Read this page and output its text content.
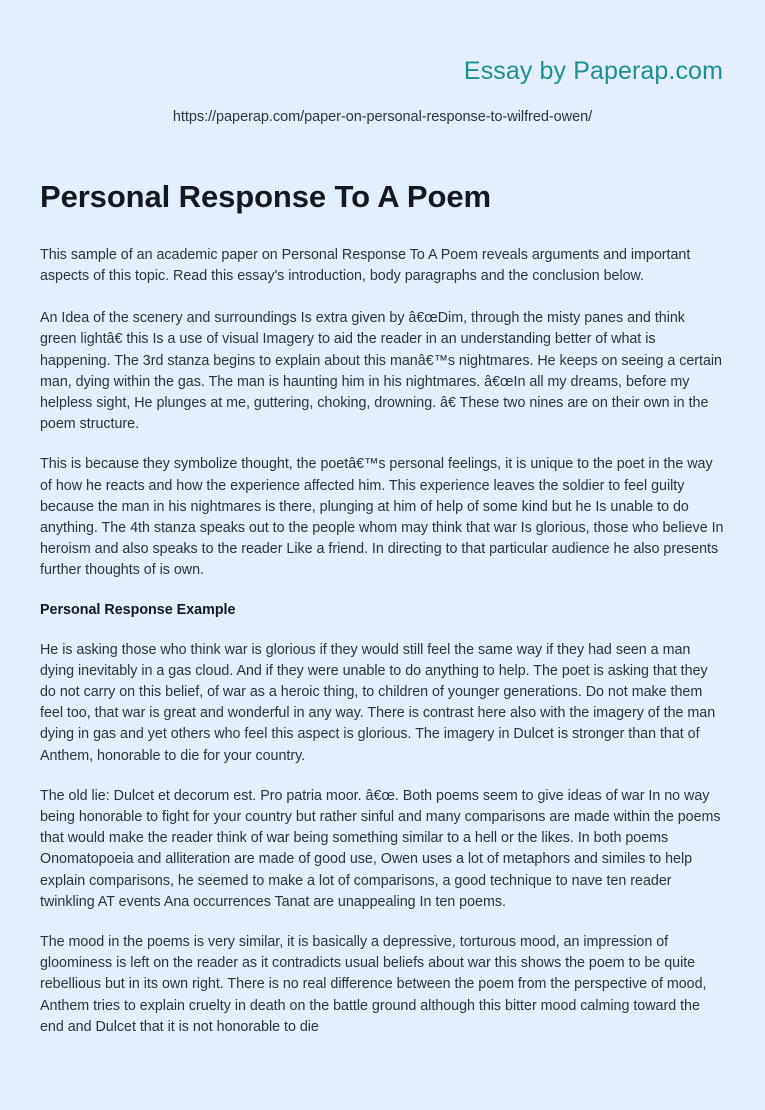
Essay by Paperap.com
https://paperap.com/paper-on-personal-response-to-wilfred-owen/
Personal Response To A Poem

This sample of an academic paper on Personal Response To A Poem reveals arguments and important aspects of this topic. Read this essay's introduction, body paragraphs and the conclusion below.

An Idea of the scenery and surroundings Is extra given by â€œDim, through the misty panes and think green lightâ€ this Is a use of visual Imagery to aid the reader in an understanding better of what is happening. The 3rd stanza begins to explain about this manâ€™s nightmares. He keeps on seeing a certain man, dying within the gas. The man is haunting him in his nightmares. â€œIn all my dreams, before my helpless sight, He plunges at me, guttering, choking, drowning. â€ These two nines are on their own in the poem structure.

This is because they symbolize thought, the poetâ€™s personal feelings, it is unique to the poet in the way of how he reacts and how the experience affected him. This experience leaves the soldier to feel guilty because the man in his nightmares is there, plunging at him of help of some kind but he Is unable to do anything. The 4th stanza speaks out to the people whom may think that war Is glorious, those who believe In heroism and also speaks to the reader Like a friend. In directing to that particular audience he also presents further thoughts of is own.

Personal Response Example

He is asking those who think war is glorious if they would still feel the same way if they had seen a man dying inevitably in a gas cloud. And if they were unable to do anything to help. The poet is asking that they do not carry on this belief, of war as a heroic thing, to children of younger generations. Do not make them feel too, that war is great and wonderful in any way. There is contrast here also with the imagery of the man dying in gas and yet others who feel this aspect is glorious. The imagery in Dulcet is stronger than that of Anthem, honorable to die for your country.

The old lie: Dulcet et decorum est. Pro patria moor. â€œ. Both poems seem to give ideas of war In no way being honorable to fight for your country but rather sinful and many comparisons are made within the poems that would make the reader think of war being something similar to a hell or the likes. In both poems Onomatopoeia and alliteration are made of good use, Owen uses a lot of metaphors and similes to help explain comparisons, he seemed to make a lot of comparisons, a good technique to nave ten reader twinkling AT events Ana occurrences Tanat are unappealing In ten poems.

The mood in the poems is very similar, it is basically a depressive, torturous mood, an impression of gloominess is left on the reader as it contradicts usual beliefs about war this shows the poem to be quite rebellious but in its own right. There is no real difference between the poem from the perspective of mood, Anthem tries to explain cruelty in death on the battle ground although this bitter mood calming toward the end and Dulcet that it is not honorable to die
